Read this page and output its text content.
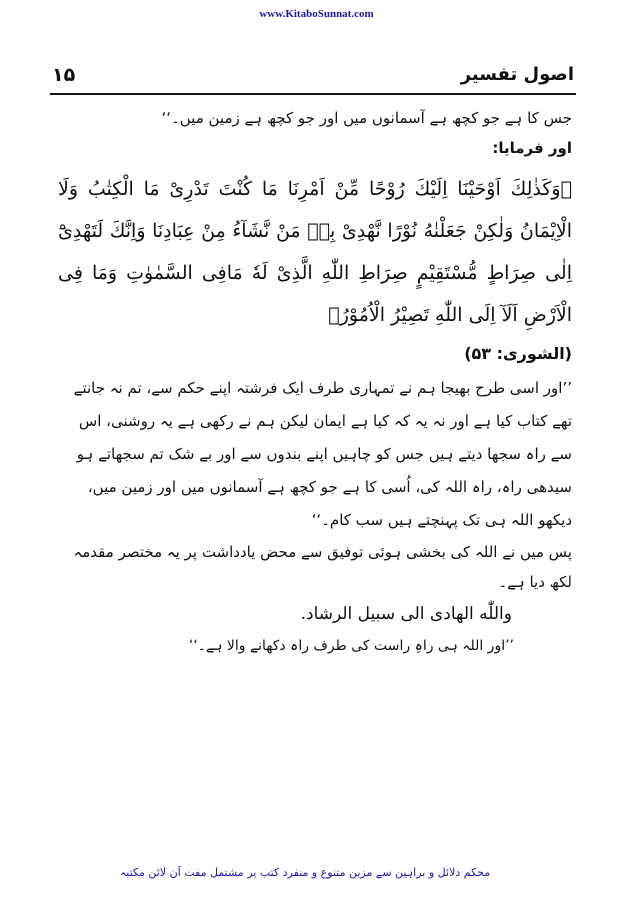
www.KitaboSunnat.com
۱۵	اصول تفسیر

جس کا ہے جو کچھ ہے آسمانوں میں اور جو کچھ ہے زمین میں۔‘‘

اور فرمایا:

﴿وَكَذٰلِكَ اَوْحَيْنَا اِلَيْكَ رُوْحًا مِّنْ اَمْرِنَا مَا كُنْتَ تَدْرِىْ مَا الْكِتٰبُ وَلَا الْاِيْمَانُ وَلٰكِنْ جَعَلْنٰهُ نُوْرًا نَّهْدِىْ بِهٖ مَنْ نَّشَآءُ مِنْ عِبَادِنَا وَاِنَّكَ لَتَهْدِىْٓ اِلٰى صِرَاطٍ مُّسْتَقِيْمٍ صِرَاطِ اللّٰهِ الَّذِىْ لَهٗ مَافِى السَّمٰوٰتِ وَمَا فِى الْاَرْضِ اَلَآ اِلَى اللّٰهِ تَصِيْرُ الْاُمُوْرُ﴾

(الشوری: ۵۳)

’’اور اسی طرح بھیجا ہم نے تمہاری طرف ایک فرشتہ اپنے حکم سے، تم نہ جانتے تھے کتاب کیا ہے اور نہ یہ کہ کیا ہے ایمان لیکن ہم نے رکھی ہے یہ روشنی، اس سے راہ سجھا دیتے ہیں جس کو چاہیں اپنے بندوں سے اور بے شک تم سجھاتے ہو سیدھی راہ، راہ اللہ کی، اُسی کا ہے جو کچھ ہے آسمانوں میں اور زمین میں، دیکھو اللہ ہی تک پہنچتے ہیں سب کام۔‘‘

پس میں نے اللہ کی بخشی ہوئی توفیق سے محض یادداشت پر یہ مختصر مقدمہ لکھ دیا ہے۔

واللّٰه الهادى الى سبيل الرشاد.

’’اور اللہ ہی راہِ راست کی طرف راہ دکھانے والا ہے۔‘‘

محکم دلائل و براہین سے مزین متنوع و منفرد کتب پر مشتمل مفت آن لائن مکتبہ
